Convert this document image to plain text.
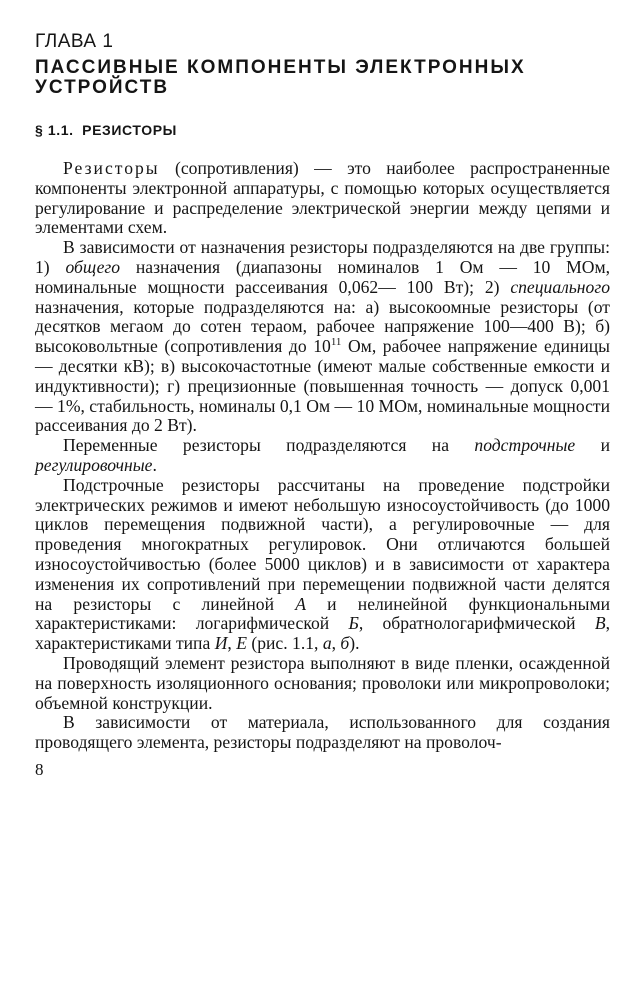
ГЛАВА 1
ПАССИВНЫЕ КОМПОНЕНТЫ ЭЛЕКТРОННЫХ УСТРОЙСТВ
§ 1.1. РЕЗИСТОРЫ

Резисторы (сопротивления) — это наиболее распространенные компоненты электронной аппаратуры, с помощью которых осуществляется регулирование и распределение электрической энергии между цепями и элементами схем.

В зависимости от назначения резисторы подразделяются на две группы: 1) общего назначения (диапазоны номиналов 1 Ом — 10 МОм, номинальные мощности рассеивания 0,062— 100 Вт); 2) специального назначения, которые подразделяются на: а) высокоомные резисторы (от десятков мегаом до сотен тераом, рабочее напряжение 100—400 В); б) высоковольтные (сопротивления до $10^{11}$ Ом, рабочее напряжение единицы — десятки кВ); в) высокочастотные (имеют малые собственные емкости и индуктивности); г) прецизионные (повышенная точность — допуск 0,001 — 1%, стабильность, номиналы 0,1 Ом — 10 МОм, номинальные мощности рассеивания до 2 Вт).

Переменные резисторы подразделяются на подстрочные и регулировочные.

Подстрочные резисторы рассчитаны на проведение подстройки электрических режимов и имеют небольшую износоустойчивость (до 1000 циклов перемещения подвижной части), а регулировочные — для проведения многократных регулировок. Они отличаются большей износоустойчивостью (более 5000 циклов) и в зависимости от характера изменения их сопротивлений при перемещении подвижной части делятся на резисторы с линейной А и нелинейной функциональными характеристиками: логарифмической Б, обратнологарифмической В, характеристиками типа И, Е (рис. 1.1, а, б).

Проводящий элемент резистора выполняют в виде пленки, осажденной на поверхность изоляционного основания; проволоки или микропроволоки; объемной конструкции.

В зависимости от материала, использованного для создания проводящего элемента, резисторы подразделяют на проволоч-

8
